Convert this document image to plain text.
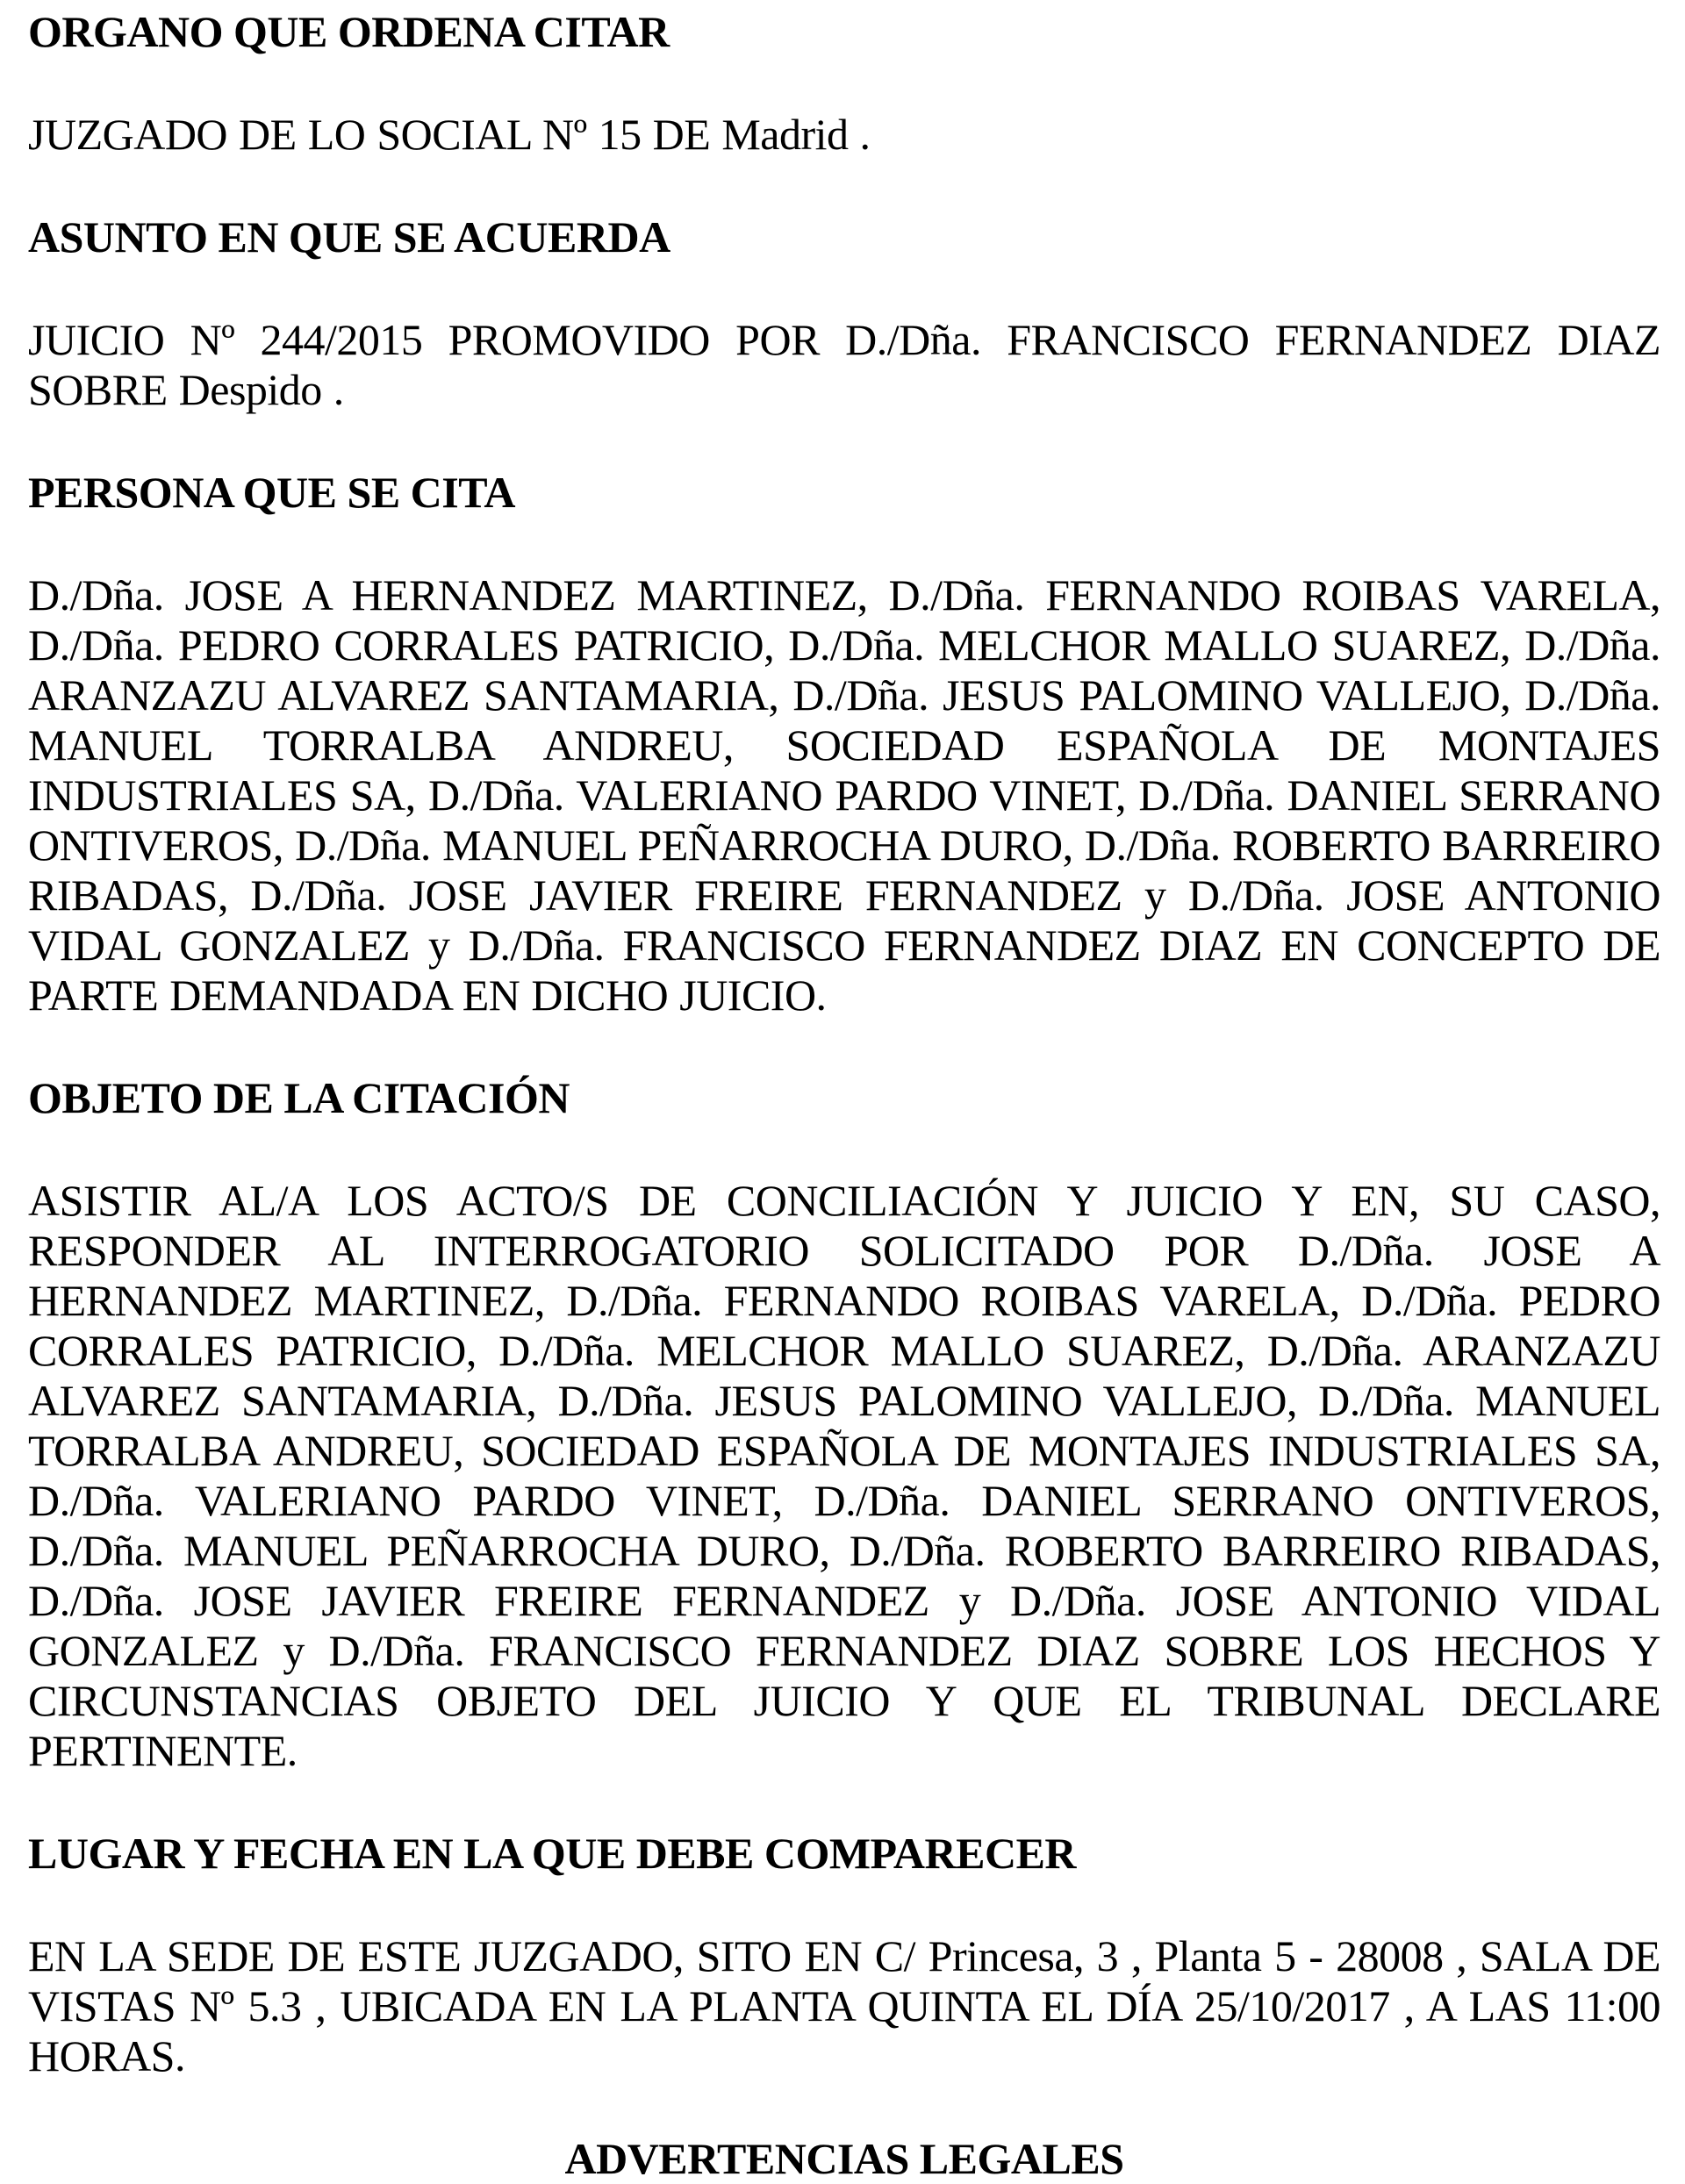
ORGANO QUE ORDENA CITAR

JUZGADO DE LO SOCIAL Nº 15 DE Madrid .

ASUNTO EN QUE SE ACUERDA

JUICIO Nº 244/2015 PROMOVIDO POR D./Dña. FRANCISCO FERNANDEZ DIAZ SOBRE Despido .

PERSONA QUE SE CITA

D./Dña. JOSE A HERNANDEZ MARTINEZ, D./Dña. FERNANDO ROIBAS VARELA, D./Dña. PEDRO CORRALES PATRICIO, D./Dña. MELCHOR MALLO SUAREZ, D./Dña. ARANZAZU ALVAREZ SANTAMARIA, D./Dña. JESUS PALOMINO VALLEJO, D./Dña. MANUEL TORRALBA ANDREU, SOCIEDAD ESPAÑOLA DE MONTAJES INDUSTRIALES SA, D./Dña. VALERIANO PARDO VINET, D./Dña. DANIEL SERRANO ONTIVEROS, D./Dña. MANUEL PEÑARROCHA DURO, D./Dña. ROBERTO BARREIRO RIBADAS, D./Dña. JOSE JAVIER FREIRE FERNANDEZ y D./Dña. JOSE ANTONIO VIDAL GONZALEZ y D./Dña. FRANCISCO FERNANDEZ DIAZ EN CONCEPTO DE PARTE DEMANDADA EN DICHO JUICIO.

OBJETO DE LA CITACIÓN

ASISTIR AL/A LOS ACTO/S DE CONCILIACIÓN Y JUICIO Y EN, SU CASO, RESPONDER AL INTERROGATORIO SOLICITADO POR D./Dña. JOSE A HERNANDEZ MARTINEZ, D./Dña. FERNANDO ROIBAS VARELA, D./Dña. PEDRO CORRALES PATRICIO, D./Dña. MELCHOR MALLO SUAREZ, D./Dña. ARANZAZU ALVAREZ SANTAMARIA, D./Dña. JESUS PALOMINO VALLEJO, D./Dña. MANUEL TORRALBA ANDREU, SOCIEDAD ESPAÑOLA DE MONTAJES INDUSTRIALES SA, D./Dña. VALERIANO PARDO VINET, D./Dña. DANIEL SERRANO ONTIVEROS, D./Dña. MANUEL PEÑARROCHA DURO, D./Dña. ROBERTO BARREIRO RIBADAS, D./Dña. JOSE JAVIER FREIRE FERNANDEZ y D./Dña. JOSE ANTONIO VIDAL GONZALEZ y D./Dña. FRANCISCO FERNANDEZ DIAZ SOBRE LOS HECHOS Y CIRCUNSTANCIAS OBJETO DEL JUICIO Y QUE EL TRIBUNAL DECLARE PERTINENTE.

LUGAR Y FECHA EN LA QUE DEBE COMPARECER

EN LA SEDE DE ESTE JUZGADO, SITO EN C/ Princesa, 3 , Planta 5 - 28008 , SALA DE VISTAS Nº 5.3 , UBICADA EN LA PLANTA QUINTA EL DÍA 25/10/2017 , A LAS 11:00 HORAS.

ADVERTENCIAS LEGALES
